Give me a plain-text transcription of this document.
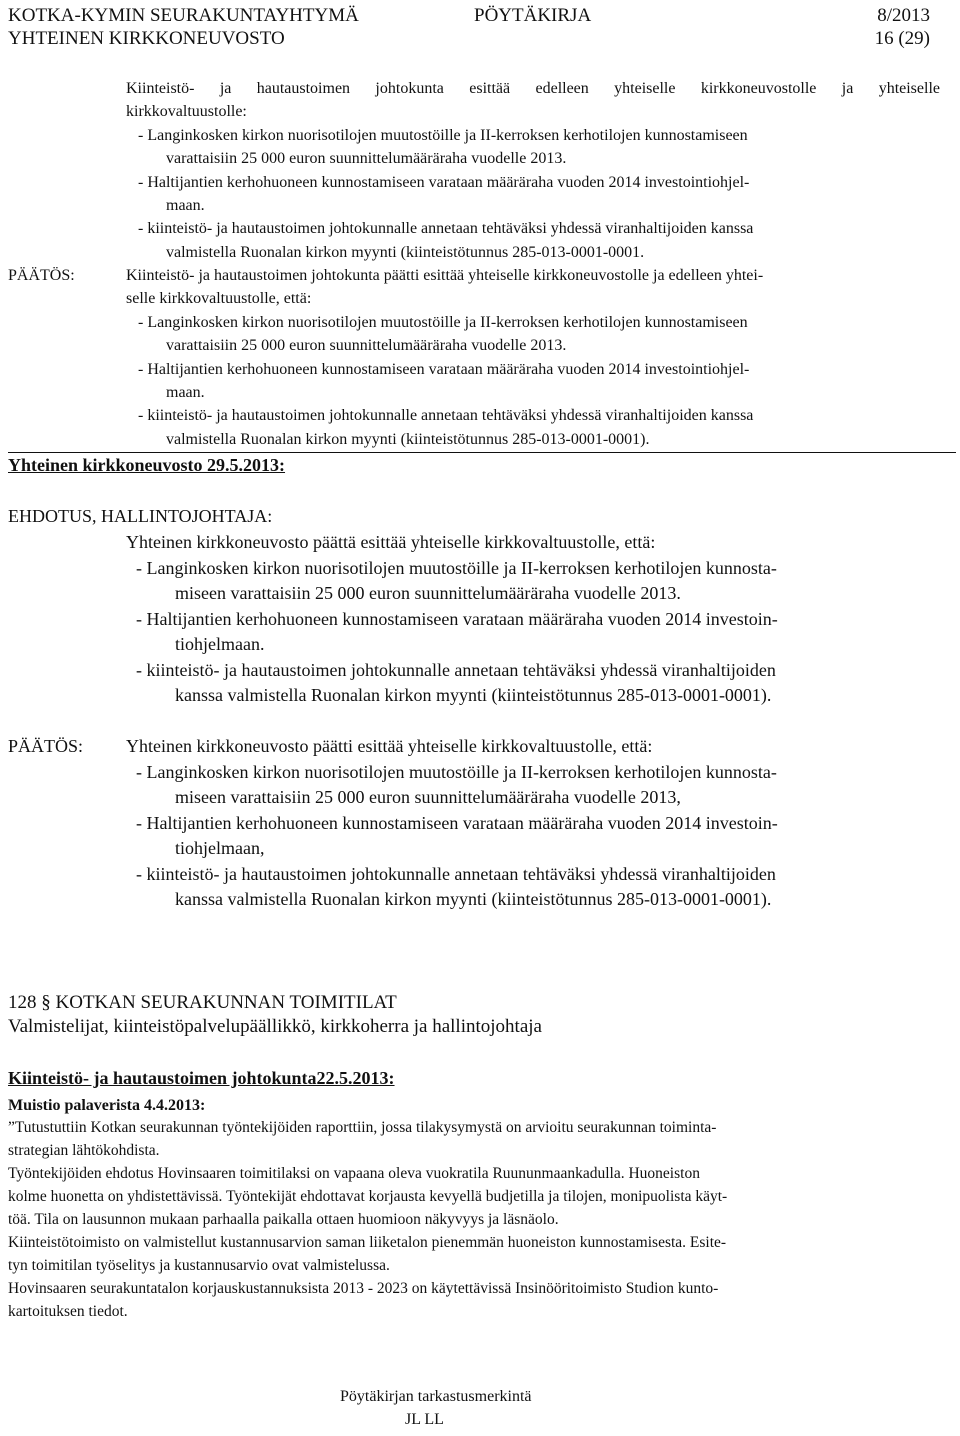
KOTKA-KYMIN SEURAKUNTAYHTYMÄ	PÖYTÄKIRJA	8/2013
YHTEINEN KIRKKONEUVOSTO	16 (29)
Kiinteistö- ja hautaustoimen johtokunta esittää edelleen yhteiselle kirkkoneuvostolle ja yhteiselle
kirkkovaltuustolle:
- Langinkosken kirkon nuorisotilojen muutostöille ja II-kerroksen kerhotilojen kunnostamiseen
varattaisiin 25 000 euron suunnittelumääräraha vuodelle 2013.
- Haltijantien kerhohuoneen kunnostamiseen varataan määräraha vuoden 2014 investointiohjel-
maan.
- kiinteistö- ja hautaustoimen johtokunnalle annetaan tehtäväksi yhdessä viranhaltijoiden kanssa
valmistella Ruonalan kirkon myynti (kiinteistötunnus 285-013-0001-0001.
PÄÄTÖS:	Kiinteistö- ja hautaustoimen johtokunta päätti esittää yhteiselle kirkkoneuvostolle ja edelleen yhtei-
selle kirkkovaltuustolle, että:
- Langinkosken kirkon nuorisotilojen muutostöille ja II-kerroksen kerhotilojen kunnostamiseen
varattaisiin 25 000 euron suunnittelumääräraha vuodelle 2013.
- Haltijantien kerhohuoneen kunnostamiseen varataan määräraha vuoden 2014 investointiohjel-
maan.
- kiinteistö- ja hautaustoimen johtokunnalle annetaan tehtäväksi yhdessä viranhaltijoiden kanssa
valmistella Ruonalan kirkon myynti (kiinteistötunnus 285-013-0001-0001).
Yhteinen kirkkoneuvosto 29.5.2013:
EHDOTUS, HALLINTOJOHTAJA:
Yhteinen kirkkoneuvosto päättä esittää yhteiselle kirkkovaltuustolle, että:
- Langinkosken kirkon nuorisotilojen muutostöille ja II-kerroksen kerhotilojen kunnosta-
miseen varattaisiin 25 000 euron suunnittelumääräraha vuodelle 2013.
- Haltijantien kerhohuoneen kunnostamiseen varataan määräraha vuoden 2014 investoin-
tiohjelmaan.
- kiinteistö- ja hautaustoimen johtokunnalle annetaan tehtäväksi yhdessä viranhaltijoiden
kanssa valmistella Ruonalan kirkon myynti (kiinteistötunnus 285-013-0001-0001).
PÄÄTÖS: Yhteinen kirkkoneuvosto päätti esittää yhteiselle kirkkovaltuustolle, että:
- Langinkosken kirkon nuorisotilojen muutostöille ja II-kerroksen kerhotilojen kunnosta-
miseen varattaisiin 25 000 euron suunnittelumääräraha vuodelle 2013,
- Haltijantien kerhohuoneen kunnostamiseen varataan määräraha vuoden 2014 investoin-
tiohjelmaan,
- kiinteistö- ja hautaustoimen johtokunnalle annetaan tehtäväksi yhdessä viranhaltijoiden
kanssa valmistella Ruonalan kirkon myynti (kiinteistötunnus 285-013-0001-0001).
128 § KOTKAN SEURAKUNNAN TOIMITILAT
Valmistelijat, kiinteistöpalvelupäällikkö, kirkkoherra ja hallintojohtaja
Kiinteistö- ja hautaustoimen johtokunta22.5.2013:
Muistio palaverista 4.4.2013:
”Tutustuttiin Kotkan seurakunnan työntekijöiden raporttiin, jossa tilakysymystä on arvioitu seurakunnan toiminta-
strategian lähtökohdista.
Työntekijöiden ehdotus Hovinsaaren toimitilaksi on vapaana oleva vuokratila Ruununmaankadulla. Huoneiston
kolme huonetta on yhdistettävissä. Työntekijät ehdottavat korjausta kevyellä budjetilla ja tilojen, monipuolista käyt-
töä. Tila on lausunnon mukaan parhaalla paikalla ottaen huomioon näkyvyys ja läsnäolo.
Kiinteistötoimisto on valmistellut kustannusarvion saman liiketalon pienemmän huoneiston kunnostamisesta. Esite-
tyn toimitilan työselitys ja kustannusarvio ovat valmistelussa.
Hovinsaaren seurakuntatalon korjauskustannuksista 2013 - 2023 on käytettävissä Insinööritoimisto Studion kunto-
kartoituksen tiedot.
Pöytäkirjan tarkastusmerkintä
JL LL
